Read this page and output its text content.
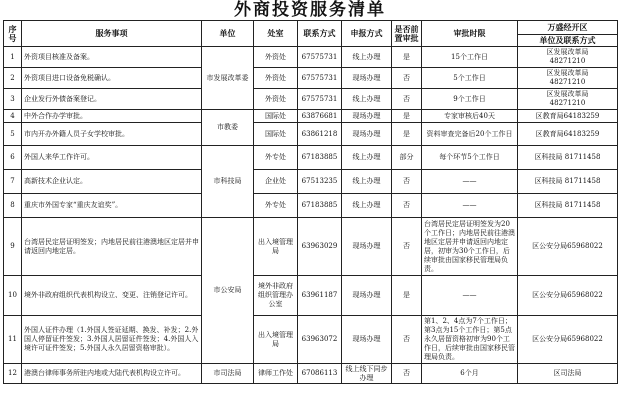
外商投资服务清单
序号	服务事项	单位	处室	联系方式	申报方式	是否前置审批	审批时限	万盛经开区
								单位及联系方式
1	外资项目核准及备案。	市发展改革委	外资处	67575731	线上办理	是	15个工作日	区发展改革局
48271210

2	外资项目进口设备免税确认。		外资处	67575731	现场办理	否	5个工作日	区发展改革局
48271210

3	企业发行外债备案登记。		外资处	67575731	线上办理	否	9个工作日	区发展改革局
48271210

4	中外合作办学审批。	市教委	国际处	63876681	现场办理	是	专家审核后40天	区教育局64183259
5	市内开办外籍人员子女学校审批。		国际处	63861218	现场办理	是	资料审查完备后20个工作日	区教育局64183259
6	外国人来华工作许可。	市科技局	外专处	67183885	线上办理	部分	每个环节5个工作日	区科技局 81711458
7	高新技术企业认定。		企业处	67513235	线上办理	否	——	区科技局 81711458
8	重庆市外国专家“重庆友谊奖”。		外专处	67183885	线上办理	否	——	区科技局 81711458
9	台湾居民定居证明签发；内地居民前往港澳地区定居并申请返回内地定居。	市公安局	出入境管理局	63963029	现场办理	否	台湾居民定居证明签发为20个工作日；内地居民前往港澳地区定居并申请返回内地定居，初审为30个工作日，后续审批由国家移民管理局负责。	区公安分局65968022
10	境外非政府组织代表机构设立、变更、注销登记许可。		境外非政府组织管理办公室	63961187	现场办理	是	——	区公安分局65968022
11	外国人证件办理（1.外国人签证延期、换发、补发；2.外国人停留证件签发；3.外国人居留证件签发；4.外国人入境许可证件签发；5.外国人永久居留资格审批）。		出入境管理局	63963072	现场办理	否	第1、2、4点为7个工作日；第3点为15个工作日；第5点永久居留资格初审为90个工作日，后续审批由国家移民管理局负责。	区公安分局65968022
12	港澳台律师事务所驻内地或大陆代表机构设立许可。	市司法局	律师工作处	67086113	线上线下同步办理	否	6个月	区司法局
